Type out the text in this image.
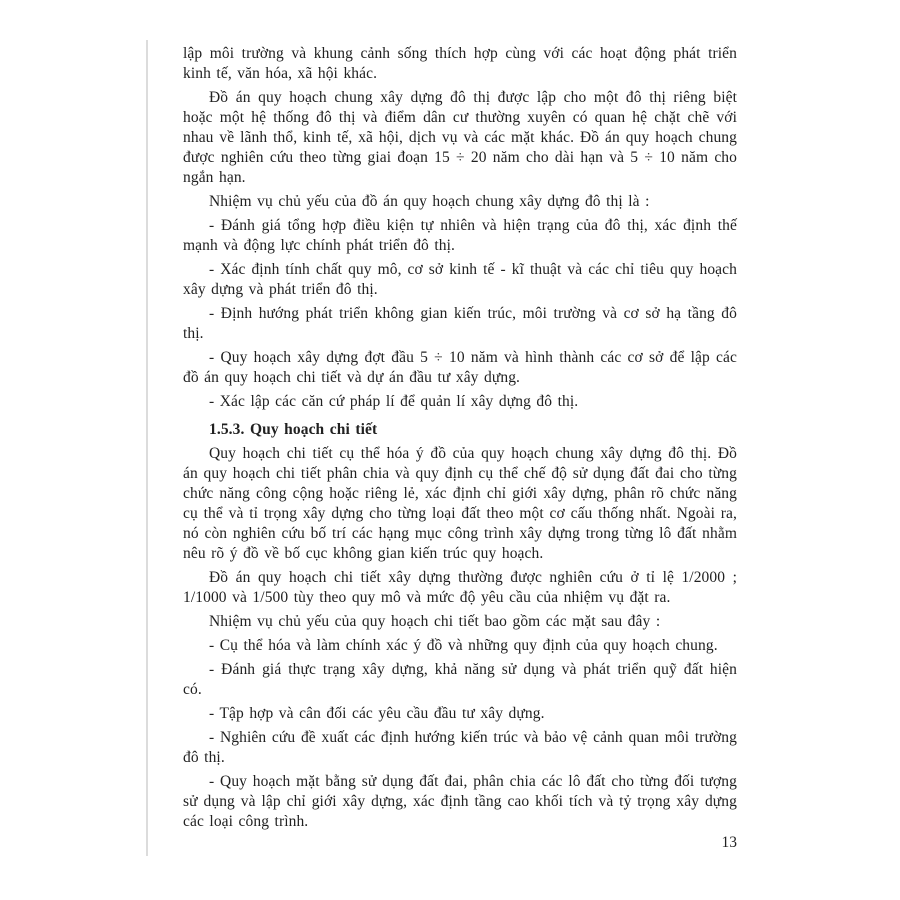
lập môi trường và khung cảnh sống thích hợp cùng với các hoạt động phát triển kinh tế, văn hóa, xã hội khác.

Đồ án quy hoạch chung xây dựng đô thị được lập cho một đô thị riêng biệt hoặc một hệ thống đô thị và điểm dân cư thường xuyên có quan hệ chặt chẽ với nhau về lãnh thổ, kinh tế, xã hội, dịch vụ và các mặt khác. Đồ án quy hoạch chung được nghiên cứu theo từng giai đoạn 15 ÷ 20 năm cho dài hạn và 5 ÷ 10 năm cho ngắn hạn.

Nhiệm vụ chủ yếu của đồ án quy hoạch chung xây dựng đô thị là :

- Đánh giá tổng hợp điều kiện tự nhiên và hiện trạng của đô thị, xác định thế mạnh và động lực chính phát triển đô thị.

- Xác định tính chất quy mô, cơ sở kinh tế - kĩ thuật và các chỉ tiêu quy hoạch xây dựng và phát triển đô thị.

- Định hướng phát triển không gian kiến trúc, môi trường và cơ sở hạ tầng đô thị.

- Quy hoạch xây dựng đợt đầu 5 ÷ 10 năm và hình thành các cơ sở để lập các đồ án quy hoạch chi tiết và dự án đầu tư xây dựng.

- Xác lập các căn cứ pháp lí để quản lí xây dựng đô thị.

1.5.3. Quy hoạch chi tiết

Quy hoạch chi tiết cụ thể hóa ý đồ của quy hoạch chung xây dựng đô thị. Đồ án quy hoạch chi tiết phân chia và quy định cụ thể chế độ sử dụng đất đai cho từng chức năng công cộng hoặc riêng lẻ, xác định chỉ giới xây dựng, phân rõ chức năng cụ thể và tỉ trọng xây dựng cho từng loại đất theo một cơ cấu thống nhất. Ngoài ra, nó còn nghiên cứu bố trí các hạng mục công trình xây dựng trong từng lô đất nhằm nêu rõ ý đồ về bố cục không gian kiến trúc quy hoạch.

Đồ án quy hoạch chi tiết xây dựng thường được nghiên cứu ở tỉ lệ 1/2000 ; 1/1000 và 1/500 tùy theo quy mô và mức độ yêu cầu của nhiệm vụ đặt ra.

Nhiệm vụ chủ yếu của quy hoạch chi tiết bao gồm các mặt sau đây :

- Cụ thể hóa và làm chính xác ý đồ và những quy định của quy hoạch chung.

- Đánh giá thực trạng xây dựng, khả năng sử dụng và phát triển quỹ đất hiện có.

- Tập hợp và cân đối các yêu cầu đầu tư xây dựng.

- Nghiên cứu đề xuất các định hướng kiến trúc và bảo vệ cảnh quan môi trường đô thị.

- Quy hoạch mặt bằng sử dụng đất đai, phân chia các lô đất cho từng đối tượng sử dụng và lập chỉ giới xây dựng, xác định tầng cao khối tích và tỷ trọng xây dựng các loại công trình.

13
